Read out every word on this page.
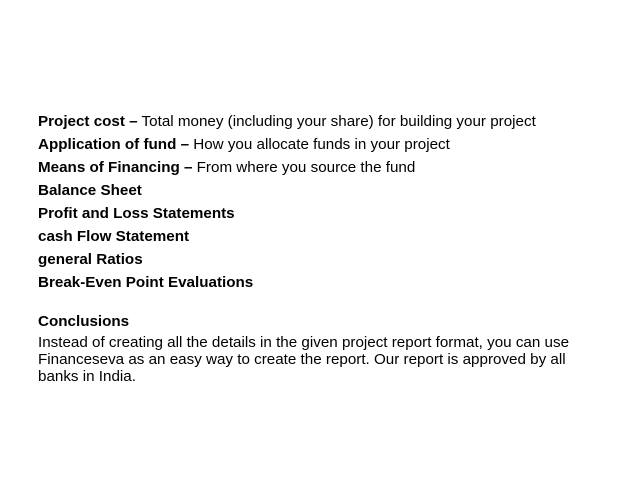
Project cost – Total money (including your share) for building your project
Application of fund – How you allocate funds in your project
Means of Financing – From where you source the fund
Balance Sheet
Profit and Loss Statements
cash Flow Statement
general Ratios
Break-Even Point Evaluations
Conclusions

Instead of creating all the details in the given project report format, you can use Financeseva as an easy way to create the report. Our report is approved by all banks in India.
